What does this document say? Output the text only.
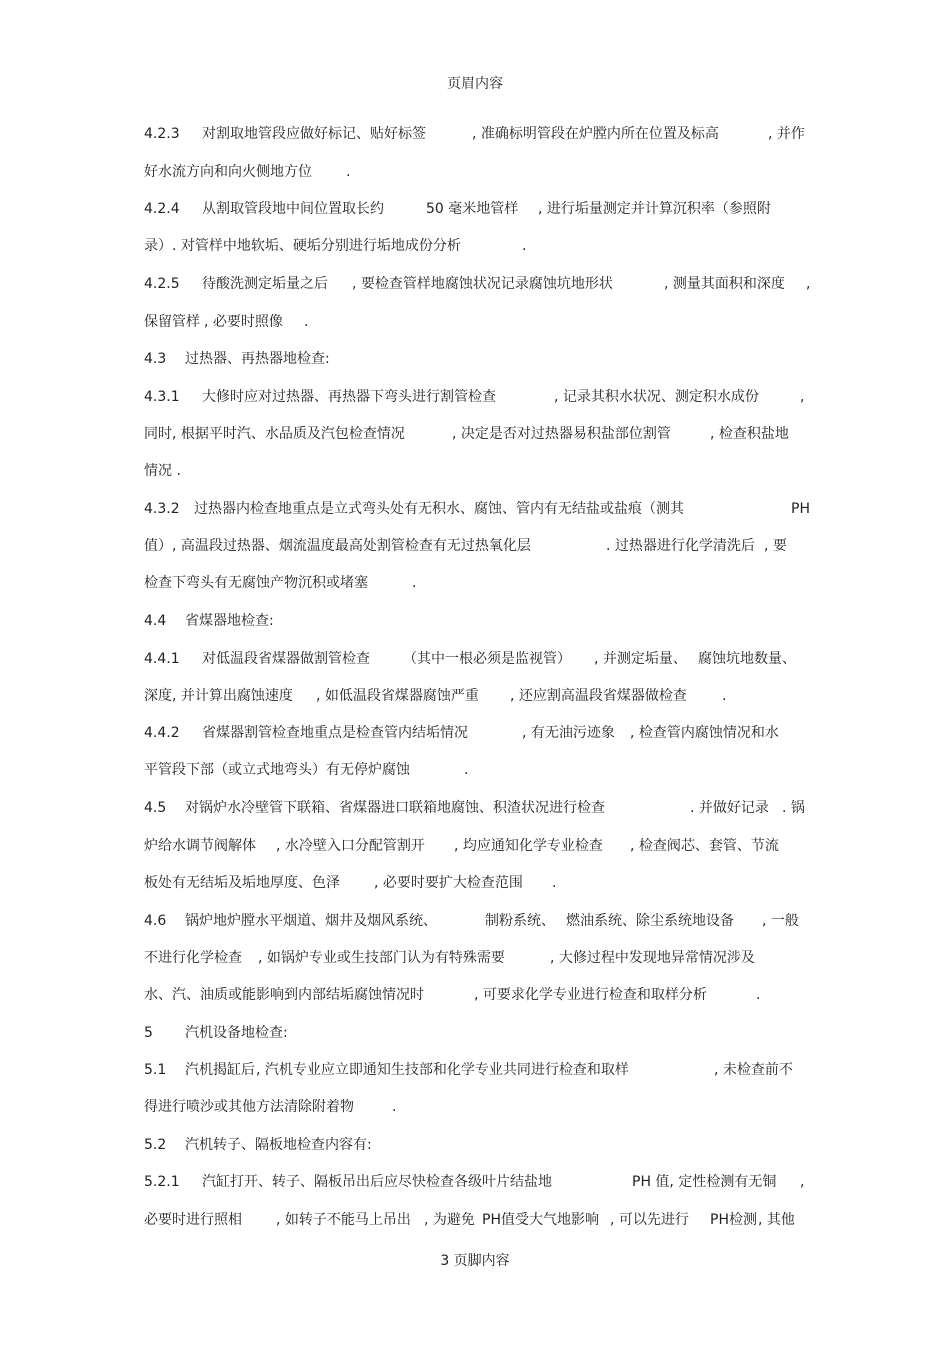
页眉内容
4.2.3 对割取地管段应做好标记、贴好标签	, 准确标明管段在炉膛内所在位置及标高	, 并作
好水流方向和向火侧地方位 .
4.2.4 从割取管段地中间位置取长约	50 毫米地管样 , 进行垢量测定并计算沉积率（参照附
录）. 对管样中地软垢、硬垢分别进行垢地成份分析	.
4.2.5 待酸洗测定垢量之后 , 要检查管样地腐蚀状况记录腐蚀坑地形状	, 测量其面积和深度 ,
保留管样 , 必要时照像 .
4.3 过热器、再热器地检查:
4.3.1 大修时应对过热器、再热器下弯头进行割管检查	, 记录其积水状况、测定积水成份	,
同时, 根据平时汽、水品质及汽包检查情况	, 决定是否对过热器易积盐部位割管	, 检查积盐地
情况 .
4.3.2 过热器内检查地重点是立式弯头处有无积水、腐蚀、管内有无结盐或盐痕（测其	PH
值）, 高温段过热器、烟流温度最高处割管检查有无过热氧化层	. 过热器进行化学清洗后 , 要
检查下弯头有无腐蚀产物沉积或堵塞	.
4.4 省煤器地检查:
4.4.1 对低温段省煤器做割管检查 （其中一根必须是监视管） , 并测定垢量、 腐蚀坑地数量、
深度, 并计算出腐蚀速度 , 如低温段省煤器腐蚀严重 , 还应割高温段省煤器做检查	.
4.4.2 省煤器割管检查地重点是检查管内结垢情况	, 有无油污迹象 , 检查管内腐蚀情况和水
平管段下部（或立式地弯头）有无停炉腐蚀	.
4.5 对锅炉水冷壁管下联箱、省煤器进口联箱地腐蚀、积渣状况进行检查	. 并做好记录 . 锅
炉给水调节阀解体 , 水冷壁入口分配管割开 , 均应通知化学专业检查 , 检查阀芯、套管、节流
板处有无结垢及垢地厚度、色泽 , 必要时要扩大检查范围 .
4.6 锅炉地炉膛水平烟道、烟井及烟风系统、	制粉系统、 燃油系统、除尘系统地设备 , 一般
不进行化学检查 , 如锅炉专业或生技部门认为有特殊需要	, 大修过程中发现地异常情况涉及
水、汽、油质或能影响到内部结垢腐蚀情况时	, 可要求化学专业进行检查和取样分析	.
5 汽机设备地检查:
5.1 汽机揭缸后 , 汽机专业应立即通知生技部和化学专业共同进行检查和取样	, 未检查前不
得进行喷沙或其他方法清除附着物	.
5.2 汽机转子、隔板地检查内容有:
5.2.1 汽缸打开、转子、隔板吊出后应尽快检查各级叶片结盐地	PH 值, 定性检测有无铜 ,
必要时进行照相 , 如转子不能马上吊出 , 为避免 PH值受大气地影响 , 可以先进行 PH检测 , 其他
3 页脚内容
